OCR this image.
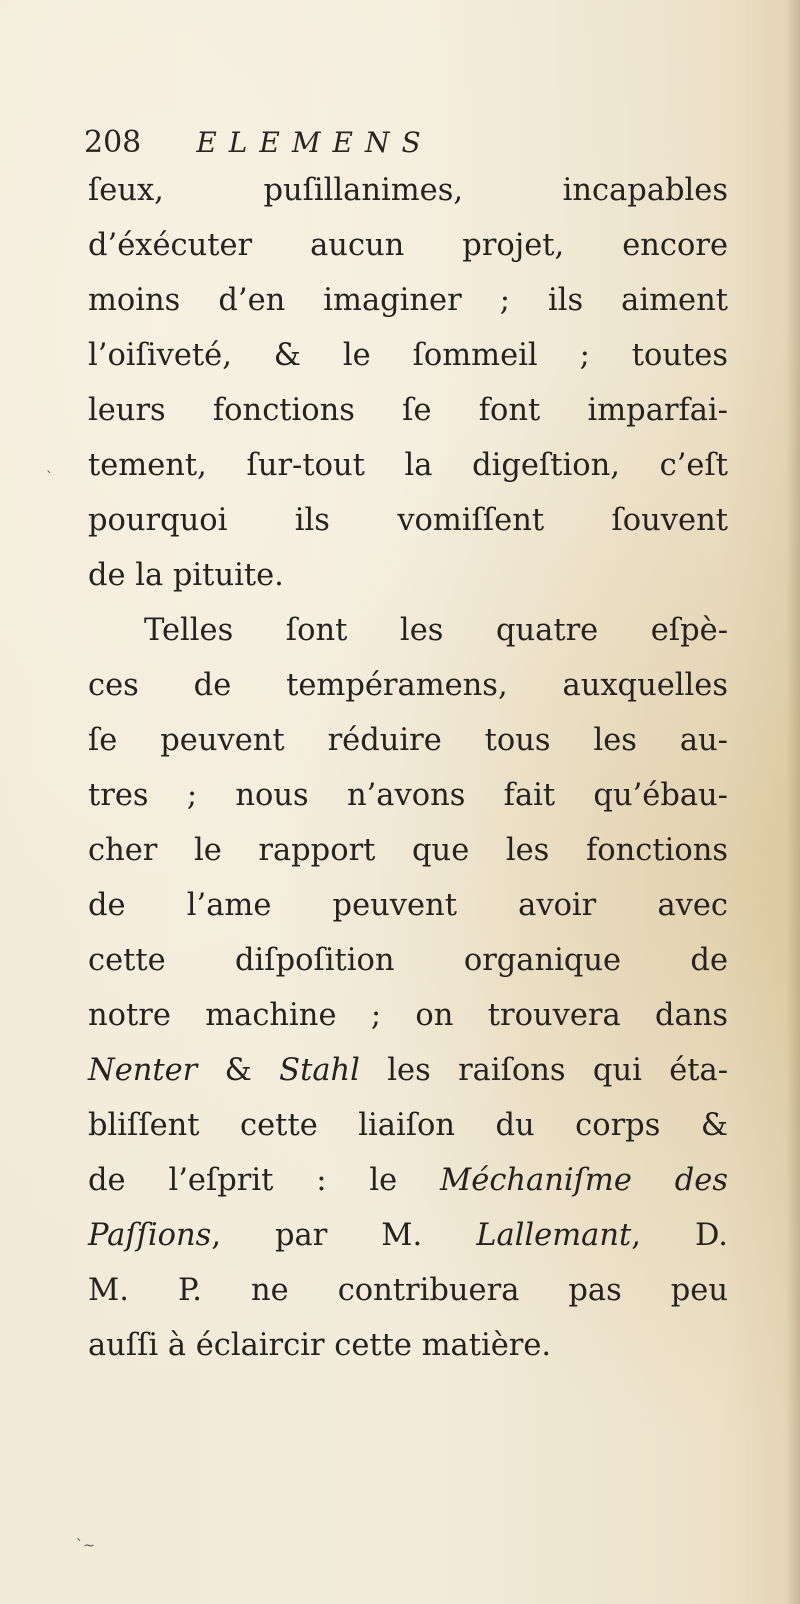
208 ELEMENS
ſeux, puſillanimes, incapables
d’éxécuter aucun projet, encore
moins d’en imaginer ; ils aiment
l’oiſiveté, & le ſommeil ; toutes
leurs fonctions ſe font imparfai-
tement, ſur-tout la digeſtion, c’eſt
pourquoi ils vomiſſent ſouvent
de la pituite.
Telles ſont les quatre eſpè-
ces de tempéramens, auxquelles
ſe peuvent réduire tous les au-
tres ; nous n’avons fait qu’ébau-
cher le rapport que les fonctions
de l’ame peuvent avoir avec
cette diſpoſition organique de
notre machine ; on trouvera dans
Nenter & Stahl les raiſons qui éta-
bliſſent cette liaiſon du corps &
de l’eſprit : le Méchaniſme des
Paſſions, par M. Lallemant, D.
M. P. ne contribuera pas peu
auſſi à éclaircir cette matière.
`
`~
